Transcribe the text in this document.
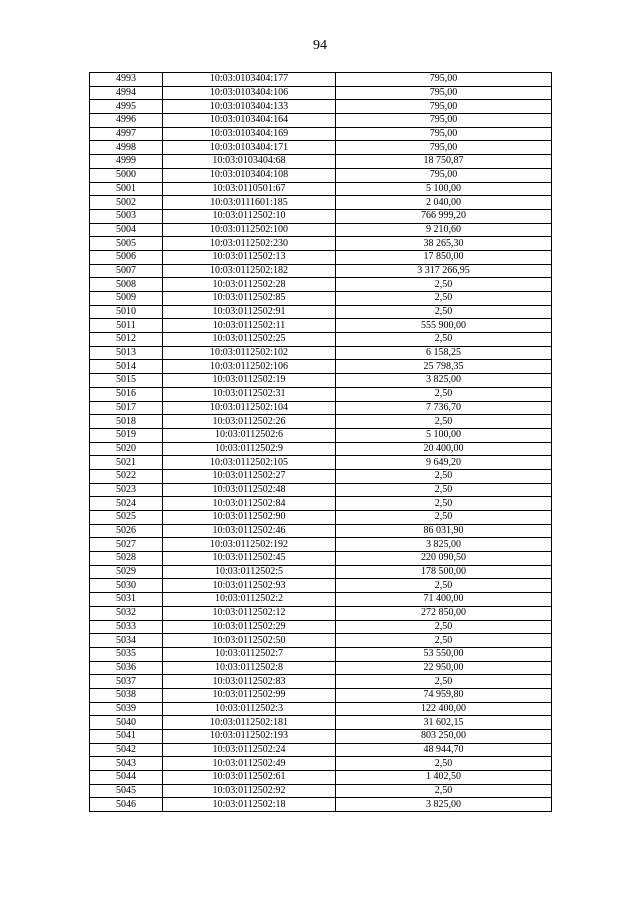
94
4993	10:03:0103404:177	795,00
4994	10:03:0103404:106	795,00
4995	10:03:0103404:133	795,00
4996	10:03:0103404:164	795,00
4997	10:03:0103404:169	795,00
4998	10:03:0103404:171	795,00
4999	10:03:0103404:68	18 750,87
5000	10:03:0103404:108	795,00
5001	10:03:0110501:67	5 100,00
5002	10:03:0111601:185	2 040,00
5003	10:03:0112502:10	766 999,20
5004	10:03:0112502:100	9 210,60
5005	10:03:0112502:230	38 265,30
5006	10:03:0112502:13	17 850,00
5007	10:03:0112502:182	3 317 266,95
5008	10:03:0112502:28	2,50
5009	10:03:0112502:85	2,50
5010	10:03:0112502:91	2,50
5011	10:03:0112502:11	555 900,00
5012	10:03:0112502:25	2,50
5013	10:03:0112502:102	6 158,25
5014	10:03:0112502:106	25 798,35
5015	10:03:0112502:19	3 825,00
5016	10:03:0112502:31	2,50
5017	10:03:0112502:104	7 736,70
5018	10:03:0112502:26	2,50
5019	10:03:0112502:6	5 100,00
5020	10:03:0112502:9	20 400,00
5021	10:03:0112502:105	9 649,20
5022	10:03:0112502:27	2,50
5023	10:03:0112502:48	2,50
5024	10:03:0112502:84	2,50
5025	10:03:0112502:90	2,50
5026	10:03:0112502:46	86 031,90
5027	10:03:0112502:192	3 825,00
5028	10:03:0112502:45	220 090,50
5029	10:03:0112502:5	178 500,00
5030	10:03:0112502:93	2,50
5031	10:03:0112502:2	71 400,00
5032	10:03:0112502:12	272 850,00
5033	10:03:0112502:29	2,50
5034	10:03:0112502:50	2,50
5035	10:03:0112502:7	53 550,00
5036	10:03:0112502:8	22 950,00
5037	10:03:0112502:83	2,50
5038	10:03:0112502:99	74 959,80
5039	10:03:0112502:3	122 400,00
5040	10:03:0112502:181	31 602,15
5041	10:03:0112502:193	803 250,00
5042	10:03:0112502:24	48 944,70
5043	10:03:0112502:49	2,50
5044	10:03:0112502:61	1 402,50
5045	10:03:0112502:92	2,50
5046	10:03:0112502:18	3 825,00
